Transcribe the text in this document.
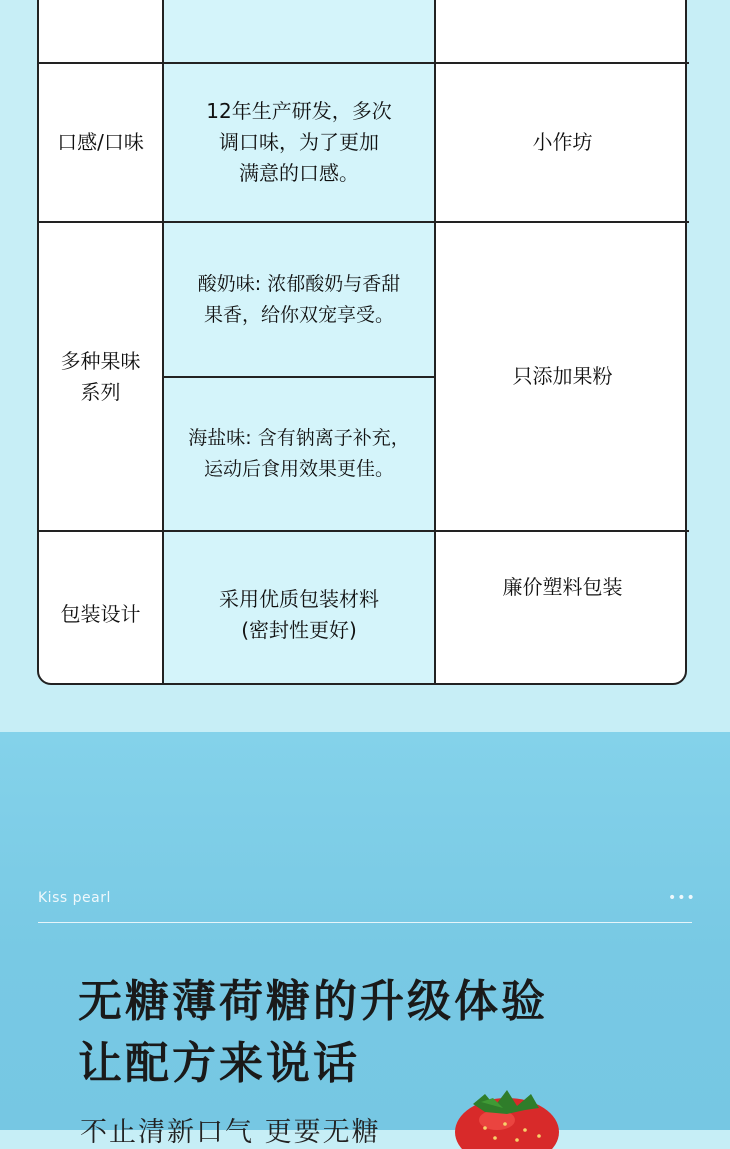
口感/口味
12年生产研发，多次
调口味，为了更加
满意的口感。
小作坊
多种果味
系列
酸奶味: 浓郁酸奶与香甜
果香，给你双宠享受。
海盐味: 含有钠离子补充，
运动后食用效果更佳。
只添加果粉
包装设计
采用优质包装材料
(密封性更好)
廉价塑料包装
Kiss pearl	•••
无糖薄荷糖的升级体验
让配方来说话
不止清新口气 更要无糖
